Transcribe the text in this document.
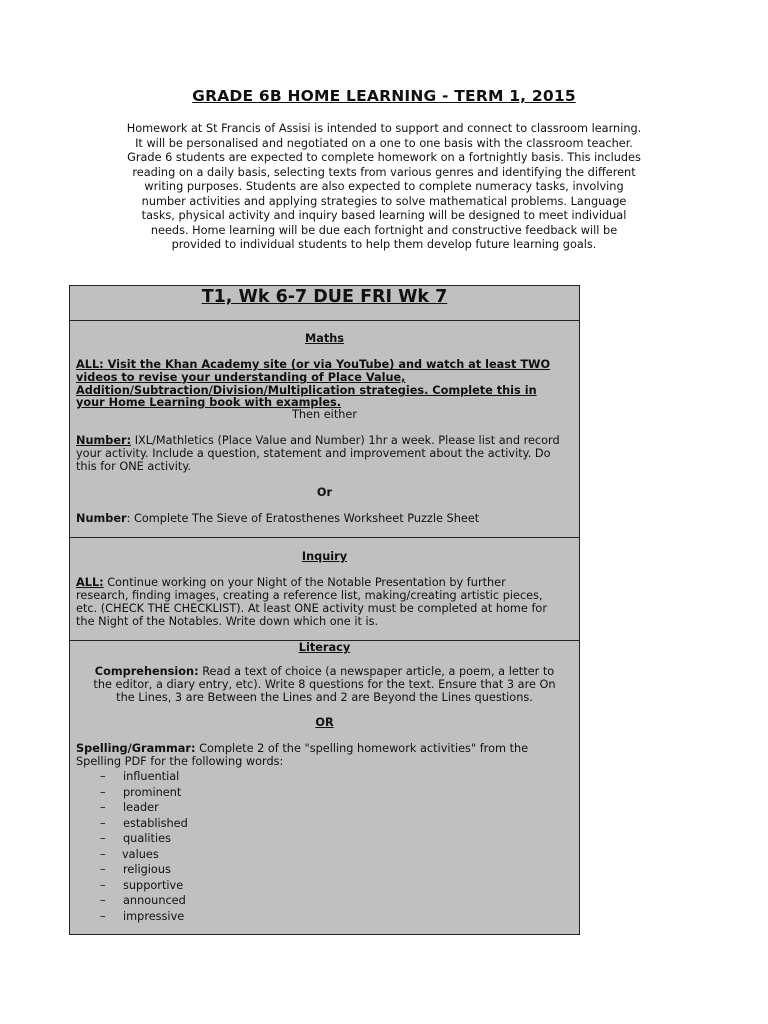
GRADE 6B HOME LEARNING - TERM 1, 2015
Homework at St Francis of Assisi is intended to support and connect to classroom learning.
It will be personalised and negotiated on a one to one basis with the classroom teacher.
Grade 6 students are expected to complete homework on a fortnightly basis. This includes
reading on a daily basis, selecting texts from various genres and identifying the different
writing purposes. Students are also expected to complete numeracy tasks, involving
number activities and applying strategies to solve mathematical problems. Language
tasks, physical activity and inquiry based learning will be designed to meet individual
needs. Home learning will be due each fortnight and constructive feedback will be
provided to individual students to help them develop future learning goals.
T1, Wk 6-7 DUE FRI Wk 7
Maths
ALL: Visit the Khan Academy site (or via YouTube) and watch at least TWO
videos to revise your understanding of Place Value,
Addition/Subtraction/Division/Multiplication strategies. Complete this in
your Home Learning book with examples.
Then either
Number: IXL/Mathletics (Place Value and Number) 1hr a week. Please list and record
your activity. Include a question, statement and improvement about the activity. Do
this for ONE activity.
Or
Number: Complete The Sieve of Eratosthenes Worksheet Puzzle Sheet
Inquiry
ALL: Continue working on your Night of the Notable Presentation by further
research, finding images, creating a reference list, making/creating artistic pieces,
etc. (CHECK THE CHECKLIST). At least ONE activity must be completed at home for
the Night of the Notables. Write down which one it is.
Literacy
Comprehension: Read a text of choice (a newspaper article, a poem, a letter to
the editor, a diary entry, etc). Write 8 questions for the text. Ensure that 3 are On
the Lines, 3 are Between the Lines and 2 are Beyond the Lines questions.
OR
Spelling/Grammar: Complete 2 of the "spelling homework activities" from the
Spelling PDF for the following words:
– influential
– prominent
– leader
– established
– qualities
– values
– religious
– supportive
– announced
– impressive
